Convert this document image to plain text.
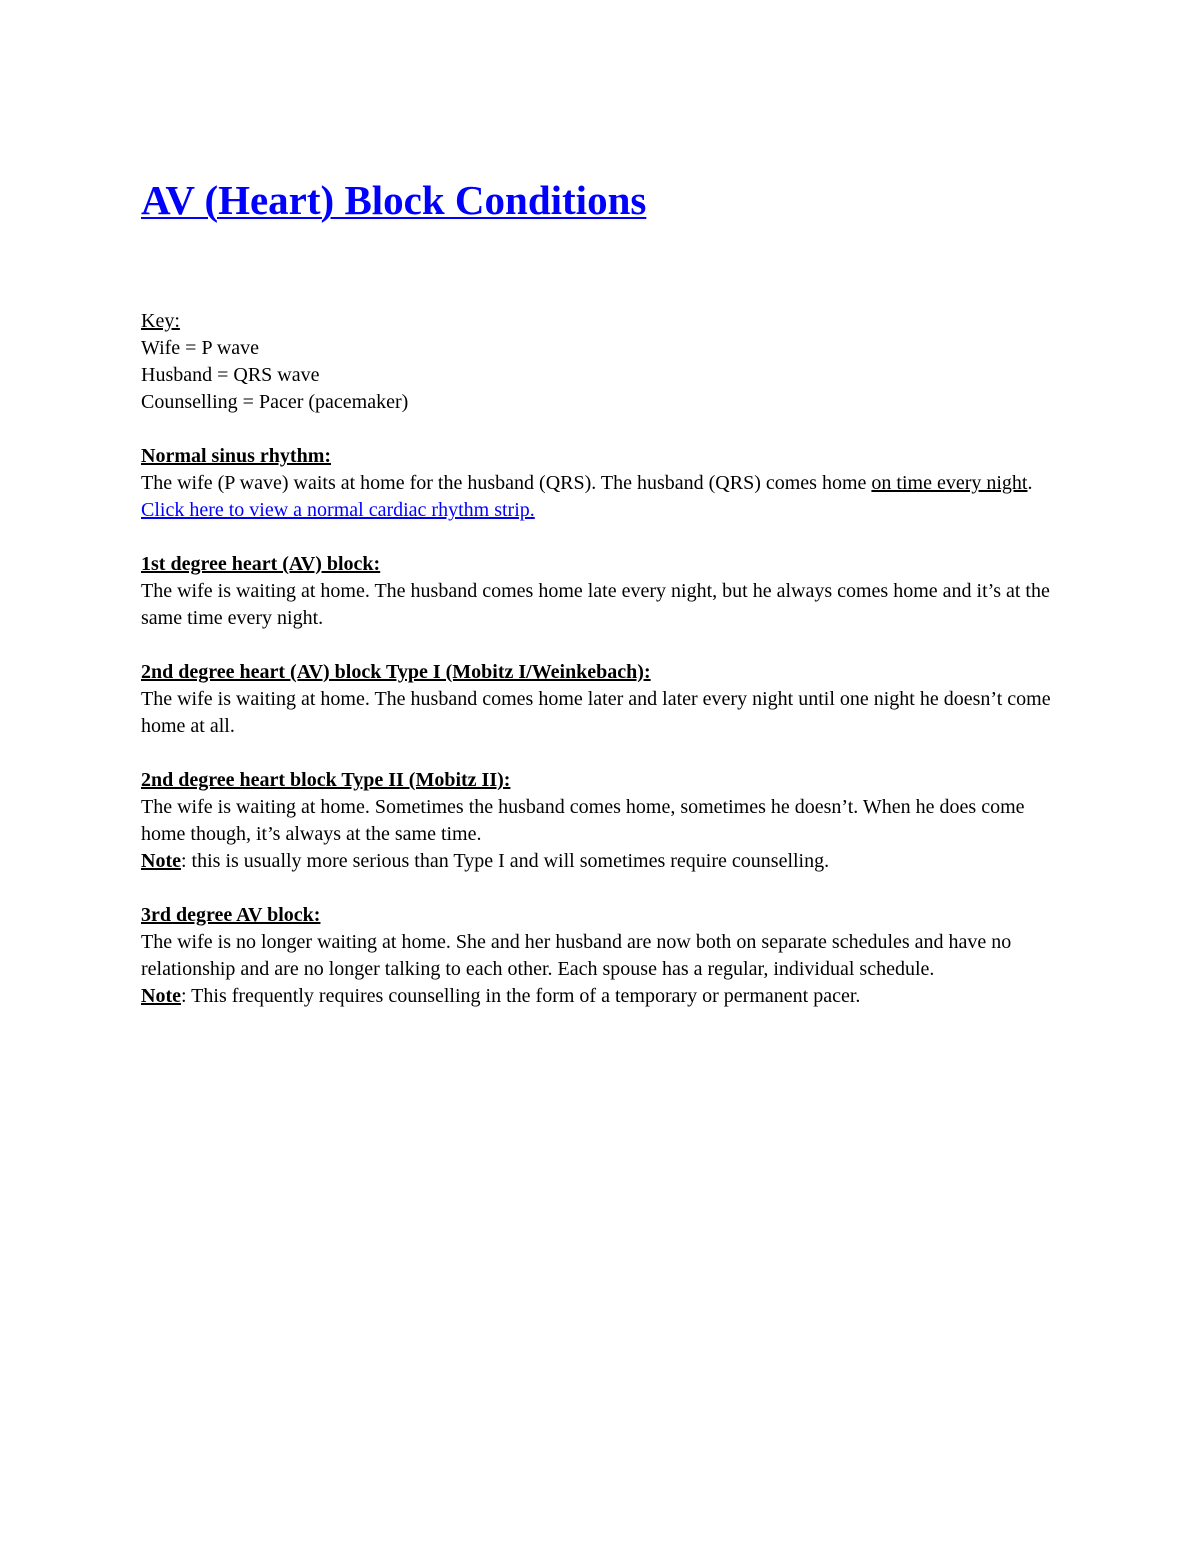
AV (Heart) Block Conditions
Key:
Wife = P wave
Husband = QRS wave
Counselling = Pacer (pacemaker)
Normal sinus rhythm:

The wife (P wave) waits at home for the husband (QRS). The husband (QRS) comes home on time every night.

Click here to view a normal cardiac rhythm strip.
1st degree heart (AV) block:

The wife is waiting at home. The husband comes home late every night, but he always comes home and it’s at the same time every night.

2nd degree heart (AV) block Type I (Mobitz I/Weinkebach):

The wife is waiting at home. The husband comes home later and later every night until one night he doesn’t come home at all.

2nd degree heart block Type II (Mobitz II):

The wife is waiting at home. Sometimes the husband comes home, sometimes he doesn’t. When he does come home though, it’s always at the same time.

Note: this is usually more serious than Type I and will sometimes require counselling.

3rd degree AV block:

The wife is no longer waiting at home. She and her husband are now both on separate schedules and have no relationship and are no longer talking to each other. Each spouse has a regular, individual schedule.

Note: This frequently requires counselling in the form of a temporary or permanent pacer.
